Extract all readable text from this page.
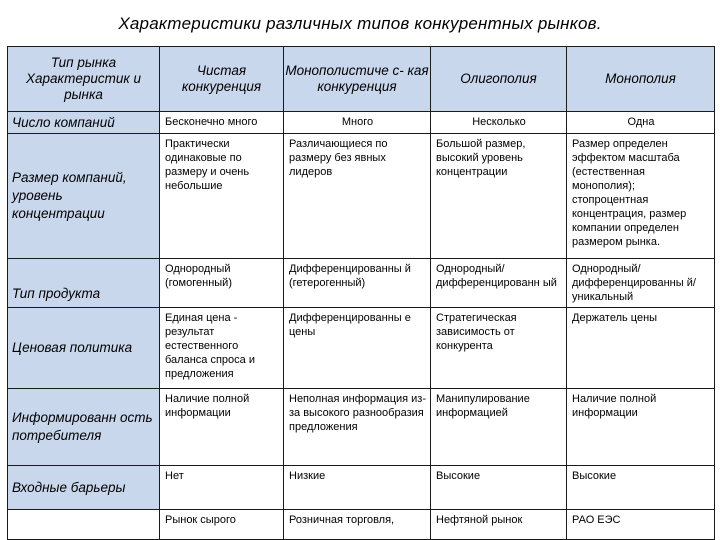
Характеристики различных типов конкурентных рынков.
Тип рынка Характеристик и рынка	Чистая конкуренция	Монополистиче с- кая конкуренция	Олигополия	Монополия
Число компаний	Бесконечно много	Много	Несколько	Одна
Размер компаний, уровень концентрации	Практически одинаковые по размеру и очень небольшие	Различающиеся по размеру без явных лидеров	Большой размер, высокий уровень концентрации	Размер определен эффектом масштаба (естественная монополия); стопроцентная концентрация, размер компании определен размером рынка.
Тип продукта	Однородный (гомогенный)	Дифференцированны й (гетерогенный)	Однородный/ дифференцированн ый	Однородный/ дифференцированны й/ уникальный
Ценовая политика	Единая цена - результат естественного баланса спроса и предложения	Дифференцированны е цены	Стратегическая зависимость от конкурента	Держатель цены
Информированн ость потребителя	Наличие полной информации	Неполная информация из-за высокого разнообразия предложения	Манипулирование информацией	Наличие полной информации
Входные барьеры	Нет	Низкие	Высокие	Высокие
	Рынок сырого	Розничная торговля,	Нефтяной рынок	РАО ЕЭС
